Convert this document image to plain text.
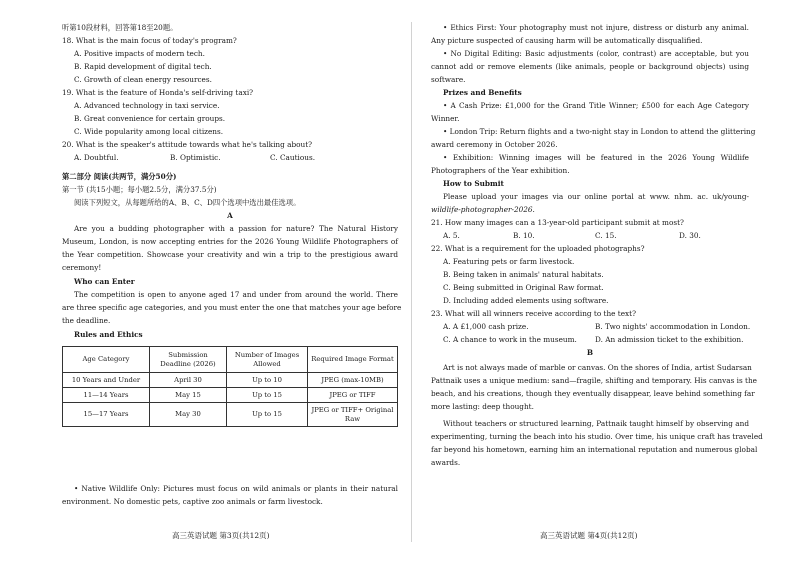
听第10段材料，回答第18至20题。
18. What is the main focus of today's program?
A. Positive impacts of modern tech.
B. Rapid development of digital tech.
C. Growth of clean energy resources.
19. What is the feature of Honda's self-driving taxi?
A. Advanced technology in taxi service.
B. Great convenience for certain groups.
C. Wide popularity among local citizens.
20. What is the speaker's attitude towards what he's talking about?
A. Doubtful.	B. Optimistic.	C. Cautious.
第二部分 阅读(共两节，满分50分)
第一节 (共15小题；每小题2.5分，满分37.5分)
阅读下列短文，从每题所给的A、B、C、D四个选项中选出最佳选项。
A
Are you a budding photographer with a passion for nature? The Natural History
Museum, London, is now accepting entries for the 2026 Young Wildlife Photographers of
the Year competition. Showcase your creativity and win a trip to the prestigious award
ceremony!
Who can Enter
The competition is open to anyone aged 17 and under from around the world. There
are three specific age categories, and you must enter the one that matches your age before
the deadline.
Rules and Ethics
Age Category	Submission Deadline (2026)	Number of Images Allowed	Required Image Format
10 Years and Under	April 30	Up to 10	JPEG (max-10MB)
11—14 Years	May 15	Up to 15	JPEG or TIFF
15—17 Years	May 30	Up to 15	JPEG or TIFF+ Original Raw
• Native Wildlife Only: Pictures must focus on wild animals or plants in their natural
environment. No domestic pets, captive zoo animals or farm livestock.
高三英语试题 第3页(共12页)
• Ethics First: Your photography must not injure, distress or disturb any animal.
Any picture suspected of causing harm will be automatically disqualified.
• No Digital Editing: Basic adjustments (color, contrast) are acceptable, but you
cannot add or remove elements (like animals, people or background objects) using
software.
Prizes and Benefits
• A Cash Prize: £1,000 for the Grand Title Winner; £500 for each Age Category
Winner.
• London Trip: Return flights and a two-night stay in London to attend the glittering
award ceremony in October 2026.
• Exhibition: Winning images will be featured in the 2026 Young Wildlife
Photographers of the Year exhibition.
How to Submit
Please upload your images via our online portal at www. nhm. ac. uk/young-
wildlife-photographer-2026.
21. How many images can a 13-year-old participant submit at most?
A. 5.	B. 10.	C. 15.	D. 30.
22. What is a requirement for the uploaded photographs?
A. Featuring pets or farm livestock.
B. Being taken in animals' natural habitats.
C. Being submitted in Original Raw format.
D. Including added elements using software.
23. What will all winners receive according to the text?
A. A £1,000 cash prize.	B. Two nights' accommodation in London.
C. A chance to work in the museum. D. An admission ticket to the exhibition.
B
Art is not always made of marble or canvas. On the shores of India, artist Sudarsan
Pattnaik uses a unique medium: sand—fragile, shifting and temporary. His canvas is the
beach, and his creations, though they eventually disappear, leave behind something far
more lasting: deep thought.
Without teachers or structured learning, Pattnaik taught himself by observing and
experimenting, turning the beach into his studio. Over time, his unique craft has traveled
far beyond his hometown, earning him an international reputation and numerous global
awards.
高三英语试题 第4页(共12页)
